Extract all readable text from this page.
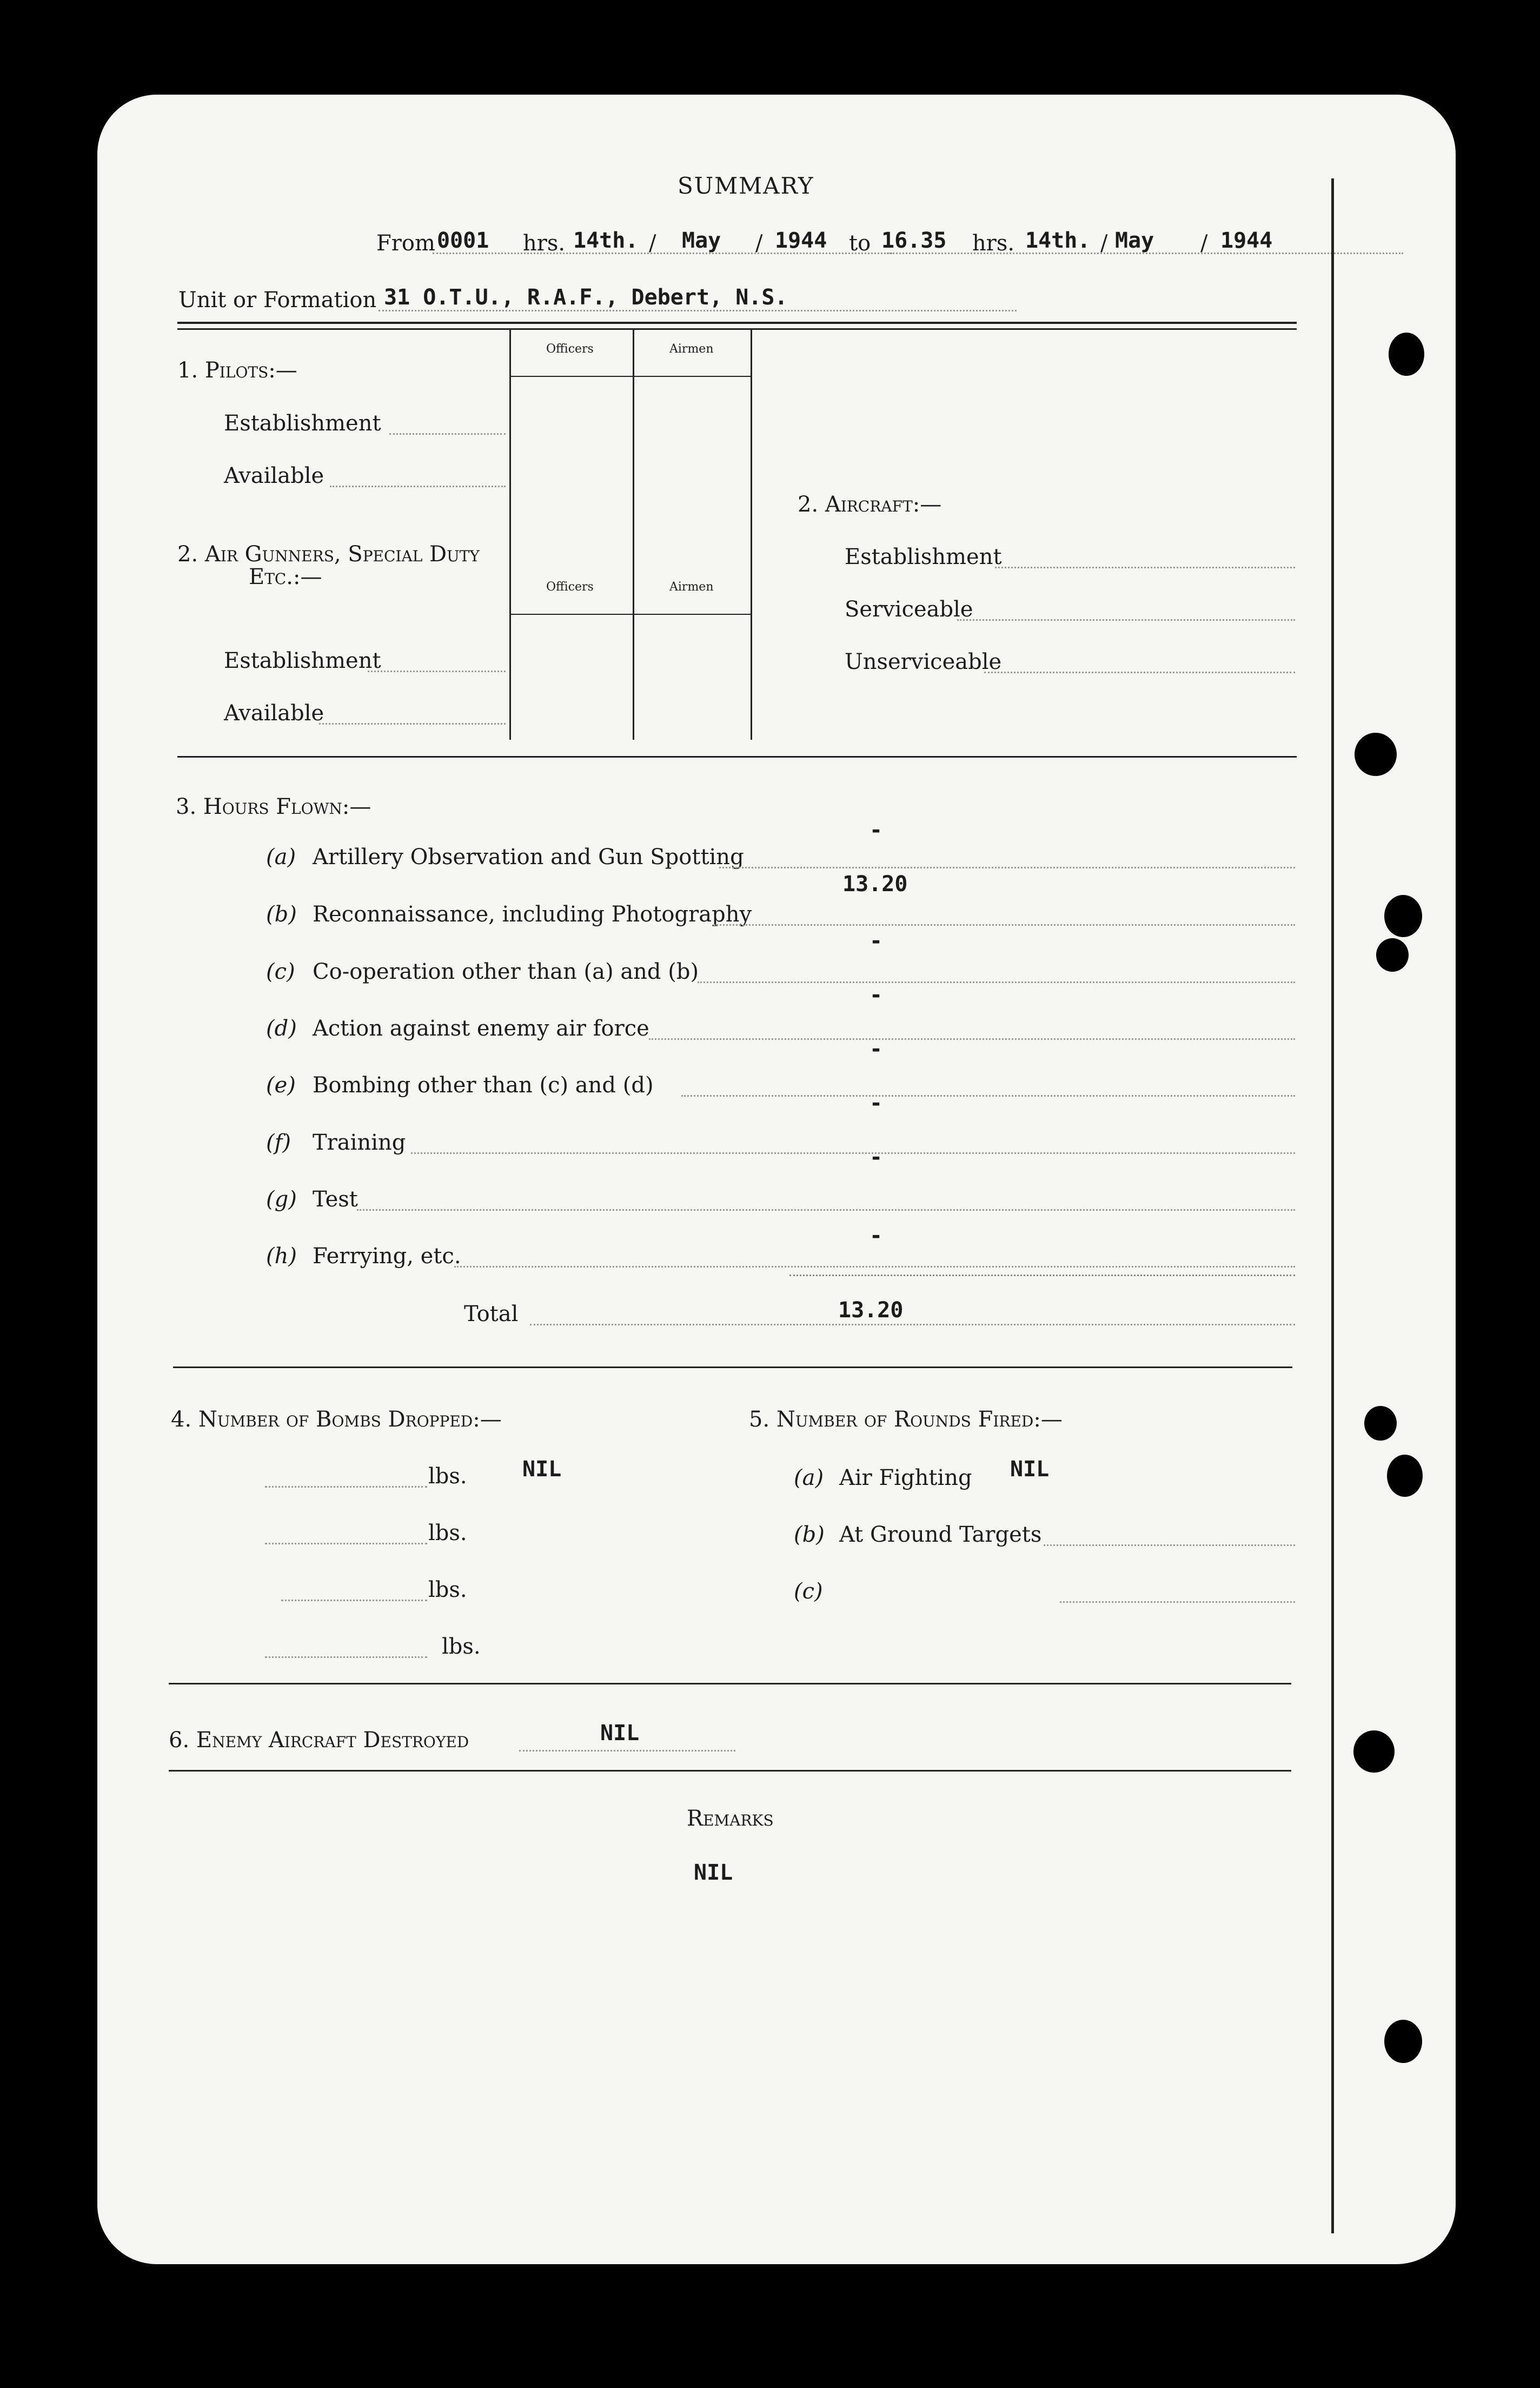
SUMMARY
From 0001 hrs. 14th. / May / 1944 to 16.35 hrs. 14th. / May / 1944
Unit or Formation 31 O.T.U., R.A.F., Debert, N.S.
Officers	Airmen
Officers	Airmen
1. Pilots:—
Establishment
Available
2. Air Gunners, Special Duty
Etc.:—
Establishment
Available
2. Aircraft:—
Establishment
Serviceable
Unserviceable
3. Hours Flown:—
(a) Artillery Observation and Gun Spotting
-
(b) Reconnaissance, including Photography
13.20
(c) Co-operation other than (a) and (b)
-
(d) Action against enemy air force
-
(e) Bombing other than (c) and (d)
-
(f) Training
-
(g) Test
-
(h) Ferrying, etc.
-
Total	13.20
4. Number of Bombs Dropped:—
lbs.	NIL
lbs.
lbs.
lbs.
5. Number of Rounds Fired:—
(a) Air Fighting NIL
(b) At Ground Targets
(c)
6. Enemy Aircraft Destroyed	NIL
Remarks
NIL
